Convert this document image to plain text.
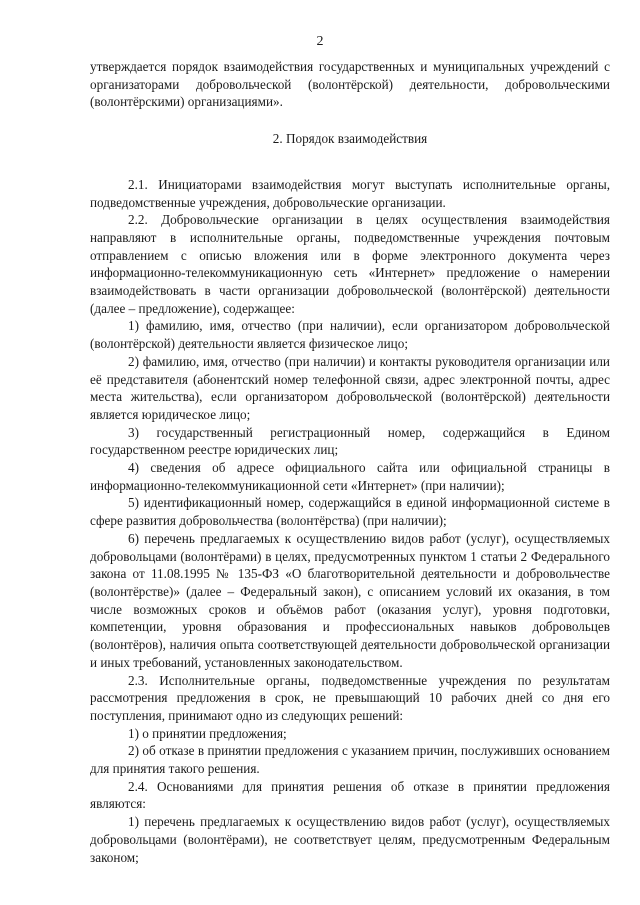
2

утверждается порядок взаимодействия государственных и муниципальных учреждений с организаторами добровольческой (волонтёрской) деятельности, добровольческими (волонтёрскими) организациями».

2. Порядок взаимодействия

2.1. Инициаторами взаимодействия могут выступать исполнительные органы, подведомственные учреждения, добровольческие организации.

2.2. Добровольческие организации в целях осуществления взаимодействия направляют в исполнительные органы, подведомственные учреждения почтовым отправлением с описью вложения или в форме электронного документа через информационно-телекоммуникационную сеть «Интернет» предложение о намерении взаимодействовать в части организации добровольческой (волонтёрской) деятельности (далее – предложение), содержащее:

1) фамилию, имя, отчество (при наличии), если организатором добровольческой (волонтёрской) деятельности является физическое лицо;

2) фамилию, имя, отчество (при наличии) и контакты руководителя организации или её представителя (абонентский номер телефонной связи, адрес электронной почты, адрес места жительства), если организатором добровольческой (волонтёрской) деятельности является юридическое лицо;

3) государственный регистрационный номер, содержащийся в Едином государственном реестре юридических лиц;

4) сведения об адресе официального сайта или официальной страницы в информационно-телекоммуникационной сети «Интернет» (при наличии);

5) идентификационный номер, содержащийся в единой информационной системе в сфере развития добровольчества (волонтёрства) (при наличии);

6) перечень предлагаемых к осуществлению видов работ (услуг), осуществляемых добровольцами (волонтёрами) в целях, предусмотренных пунктом 1 статьи 2 Федерального закона от 11.08.1995 № 135-ФЗ «О благотворительной деятельности и добровольчестве (волонтёрстве)» (далее – Федеральный закон), с описанием условий их оказания, в том числе возможных сроков и объёмов работ (оказания услуг), уровня подготовки, компетенции, уровня образования и профессиональных навыков добровольцев (волонтёров), наличия опыта соответствующей деятельности добровольческой организации и иных требований, установленных законодательством.

2.3. Исполнительные органы, подведомственные учреждения по результатам рассмотрения предложения в срок, не превышающий 10 рабочих дней со дня его поступления, принимают одно из следующих решений:

1) о принятии предложения;

2) об отказе в принятии предложения с указанием причин, послуживших основанием для принятия такого решения.

2.4. Основаниями для принятия решения об отказе в принятии предложения являются:

1) перечень предлагаемых к осуществлению видов работ (услуг), осуществляемых добровольцами (волонтёрами), не соответствует целям, предусмотренным Федеральным законом;
